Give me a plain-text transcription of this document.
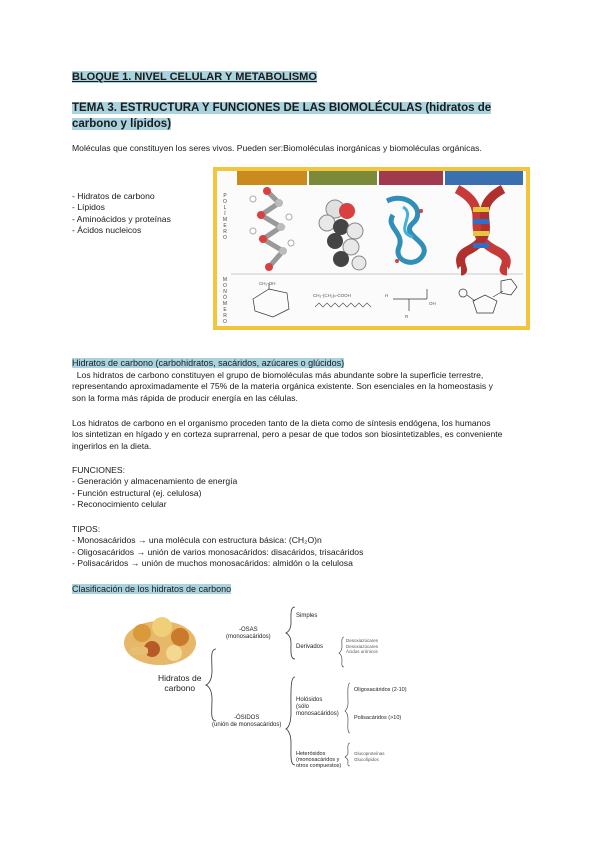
BLOQUE 1. NIVEL CELULAR Y METABOLISMO
TEMA 3. ESTRUCTURA Y FUNCIONES DE LAS BIOMOLÉCULAS (hidratos de carbono y lípidos)
Moléculas que constituyen los seres vivos. Pueden ser:Biomoléculas inorgánicas y biomoléculas orgánicas.
- Hidratos de carbono
- Lípidos
- Aminoácidos y proteínas
- Ácidos nucleicos
P
O
L
Í
M
E
R
O
M
O
N
Ó
M
E
R
O
CH₂-OH
CH₃-(CH₂)ₙ-COOH	H
R
OH
Hidratos de carbono (carbohidratos, sacáridos, azúcares o glúcidos)
Los hidratos de carbono constituyen el grupo de biomoléculas más abundante sobre la superficie terrestre,
representando aproximadamente el 75% de la materia orgánica existente. Son esenciales en la homeostasis y
son la forma más rápida de producir energía en las células.
Los hidratos de carbono en el organismo proceden tanto de la dieta como de síntesis endógena, los humanos
los sintetizan en hígado y en corteza suprarrenal, pero a pesar de que todos son biosintetizables, es conveniente
ingerirlos en la dieta.
FUNCIONES:
- Generación y almacenamiento de energía
- Función estructural (ej. celulosa)
- Reconocimiento celular
TIPOS:
- Monosacáridos → una molécula con estructura básica: (CH₂O)n
- Oligosacáridos → unión de varios monosacáridos: disacáridos, trisacáridos
- Polisacáridos → unión de muchos monosacáridos: almidón o la celulosa
Clasificación de los hidratos de carbono
Hidratos de
carbono
-OSAS
(monosacáridos)
-ÓSIDOS
(unión de monosacáridos)
Simples
Derivados
Desoxiazúcares
Desoxiazúcares
Ácidos urónicos
Holósidos
(sólo
monosacáridos)
Oligosacáridos (2-10)
Polisacáridos (>10)
Heterósidos
(monosacáridos y
otros compuestos)
Glucoproteínas
Glucolípidos
